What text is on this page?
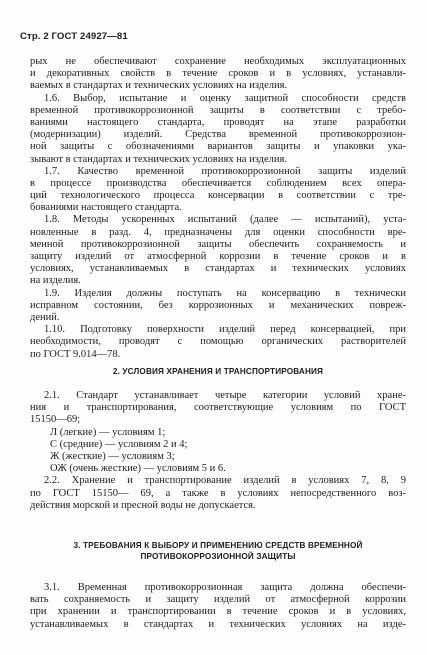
Стр. 2 ГОСТ 24927—81
рых не обеспечивают сохранение необходимых эксплуатационных
и декоративных свойств в течение сроков и в условиях, устанавли-
ваемых в стандартах и технических условиях на изделия.
1.6. Выбор, испытание и оценку защитной способности средств
временной противокоррозионной защиты в соответствии с требо-
ваниями настоящего стандарта, проводят на этапе разработки
(модернизации) изделий. Средства временной противокоррозион-
ной защиты с обозначениями вариантов защиты и упаковки ука-
зывают в стандартах и технических условиях на изделия.
1.7. Качество временной противокоррозионной защиты изделий
в процессе производства обеспечивается соблюдением всех опера-
ций технологического процесса консервации в соответствии с тре-
бованиями настоящего стандарта.
1.8. Методы ускоренных испытаний (далее — испытаний), уста-
новленные в разд. 4, предназначены для оценки способности вре-
менной противокоррозионной защиты обеспечить сохраняемость и
защиту изделий от атмосферной коррозии в течение сроков и в
условиях, устанавливаемых в стандартах и технических условиях
на изделия.
1.9. Изделия должны поступать на консервацию в технически
исправном состоянии, без коррозионных и механических повреж-
дений.
1.10. Подготовку поверхности изделий перед консервацией, при
необходимости, проводят с помощью органических растворителей
по ГОСТ 9.014—78.
2. УСЛОВИЯ ХРАНЕНИЯ И ТРАНСПОРТИРОВАНИЯ
2.1. Стандарт устанавливает четыре категории условий хране-
ния и транспортирования, соответствующие условиям по ГОСТ
15150—69;
Л (легкие) — условиям 1;
С (средние) — условиям 2 и 4;
Ж (жесткие) — условиям 3;
ОЖ (очень жесткие) — условиям 5 и 6.
2.2. Хранение и транспортирование изделий в условиях 7, 8, 9
по ГОСТ 15150— 69, а также в условиях непосредственного воз-
действия морской и пресной воды не допускается.
3. ТРЕБОВАНИЯ К ВЫБОРУ И ПРИМЕНЕНИЮ СРЕДСТВ ВРЕМЕННОЙ
ПРОТИВОКОРРОЗИОННОЙ ЗАЩИТЫ
3.1. Временная противокоррозионная защита должна обеспечи-
вать сохраняемость и защиту изделий от атмосферной коррозии
при хранении и транспортировании в течение сроков и в условиях,
устанавливаемых в стандартах и технических условиях на изде-
